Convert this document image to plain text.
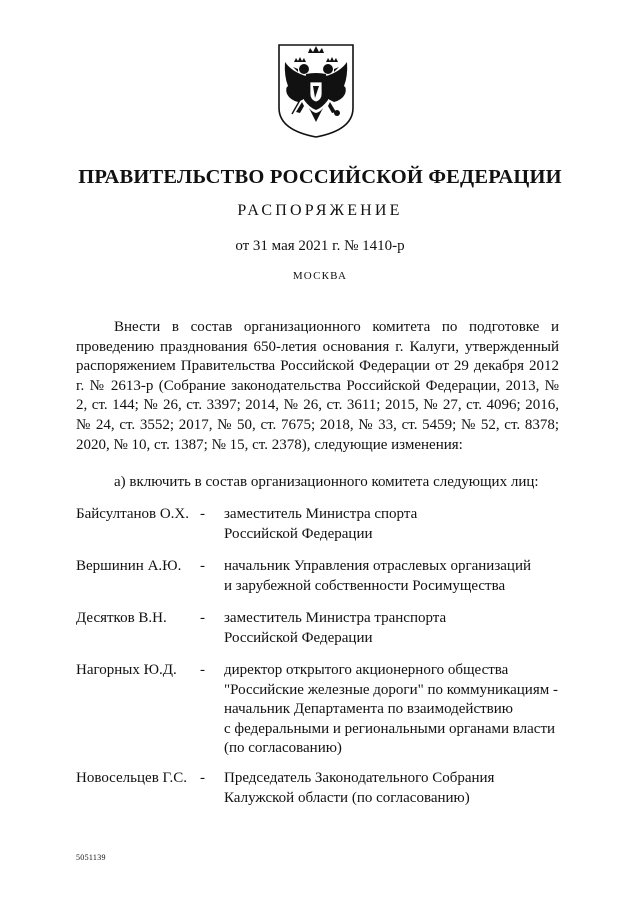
ПРАВИТЕЛЬСТВО РОССИЙСКОЙ ФЕДЕРАЦИИ
РАСПОРЯЖЕНИЕ
от 31 мая 2021 г. № 1410-р
МОСКВА

Внести в состав организационного комитета по подготовке и проведению празднования 650-летия основания г. Калуги, утвержденный распоряжением Правительства Российской Федерации от 29 декабря 2012 г. № 2613-р (Собрание законодательства Российской Федерации, 2013, № 2, ст. 144; № 26, ст. 3397; 2014, № 26, ст. 3611; 2015, № 27, ст. 4096; 2016, № 24, ст. 3552; 2017, № 50, ст. 7675; 2018, № 33, ст. 5459; № 52, ст. 8378; 2020, № 10, ст. 1387; № 15, ст. 2378), следующие изменения:

а) включить в состав организационного комитета следующих лиц:

Байсултанов О.Х. - заместитель Министра спорта
Российской Федерации
Вершинин А.Ю. - начальник Управления отраслевых организаций
и зарубежной собственности Росимущества
Десятков В.Н. - заместитель Министра транспорта
Российской Федерации
Нагорных Ю.Д. - директор открытого акционерного общества
"Российские железные дороги" по коммуникациям -
начальник Департамента по взаимодействию
с федеральными и региональными органами власти
(по согласованию)
Новосельцев Г.С. - Председатель Законодательного Собрания
Калужской области (по согласованию)
5051139
